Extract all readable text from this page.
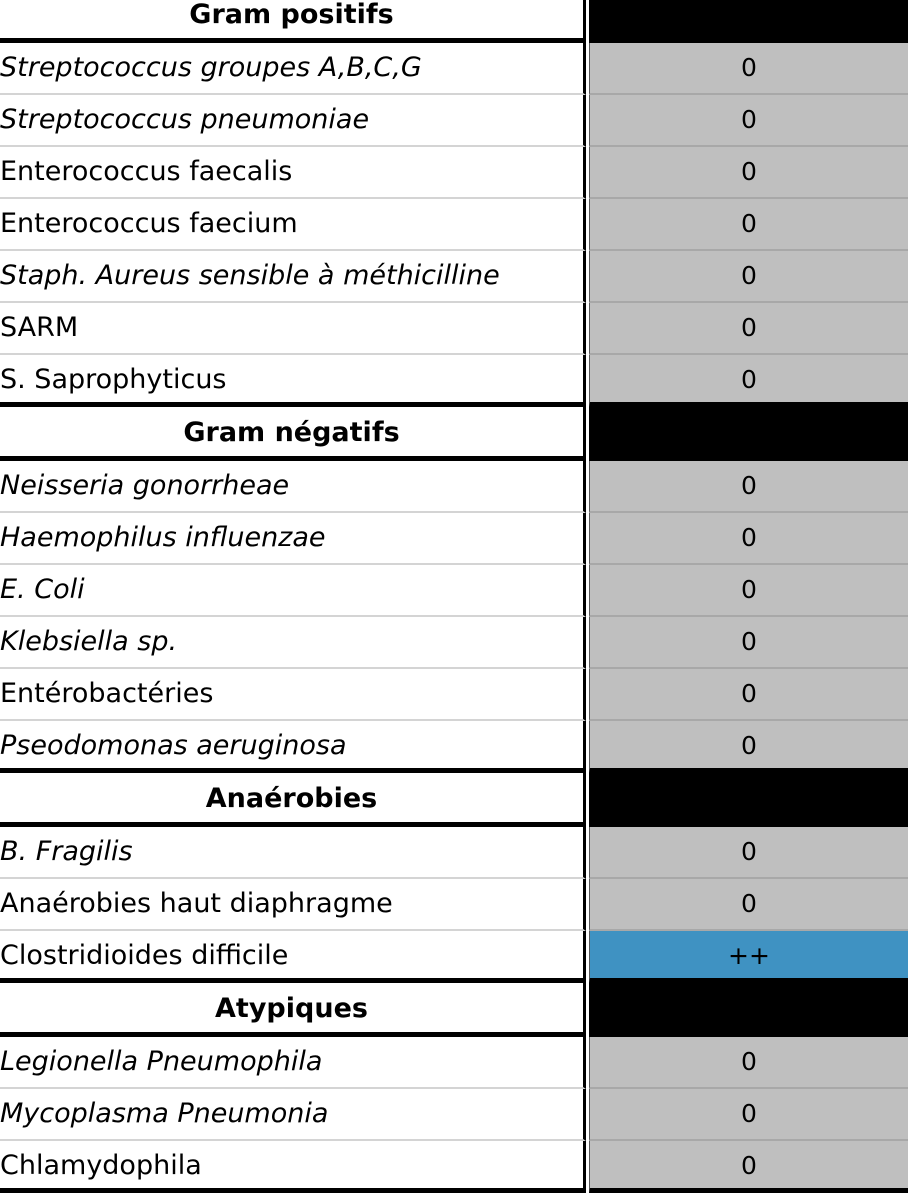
Gram positifs
Streptococcus groupes A,B,C,G	0
Streptococcus pneumoniae	0
Enterococcus faecalis	0
Enterococcus faecium	0
Staph. Aureus sensible à méthicilline	0
SARM	0
S. Saprophyticus	0
Gram négatifs
Neisseria gonorrheae	0
Haemophilus influenzae	0
E. Coli	0
Klebsiella sp.	0
Entérobactéries	0
Pseodomonas aeruginosa	0
Anaérobies
B. Fragilis	0
Anaérobies haut diaphragme	0
Clostridioides difficile	++
Atypiques
Legionella Pneumophila	0
Mycoplasma Pneumonia	0
Chlamydophila	0
